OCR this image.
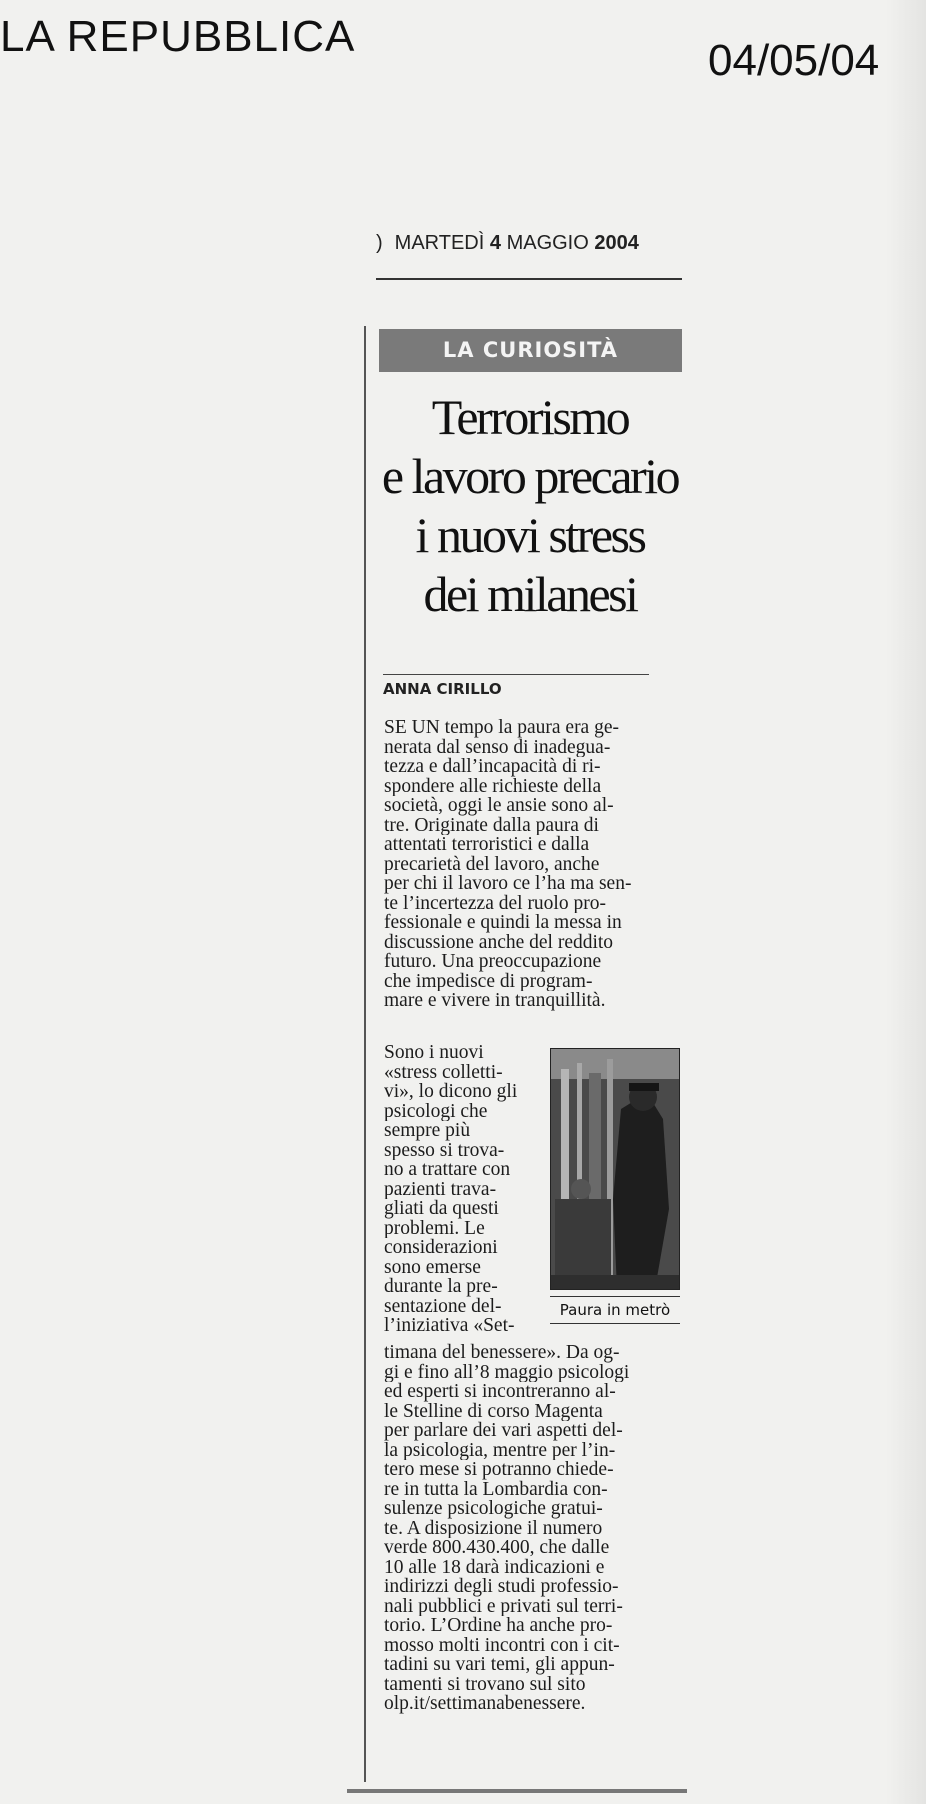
LA REPUBBLICA	04/05/04
) MARTEDÌ 4 MAGGIO 2004
LA CURIOSITÀ
Terrorismo
e lavoro precario
i nuovi stress
dei milanesi
ANNA CIRILLO

SE UN tempo la paura era ge-
nerata dal senso di inadegua-
tezza e dall’incapacità di ri-
spondere alle richieste della
società, oggi le ansie sono al-
tre. Originate dalla paura di
attentati terroristici e dalla
precarietà del lavoro, anche
per chi il lavoro ce l’ha ma sen-
te l’incertezza del ruolo pro-
fessionale e quindi la messa in
discussione anche del reddito
futuro. Una preoccupazione
che impedisce di program-
mare e vivere in tranquillità.

Sono i nuovi
«stress colletti-
vi», lo dicono gli
psicologi che
sempre più
spesso si trova-
no a trattare con
pazienti trava-
gliati da questi
problemi. Le
considerazioni
sono emerse
durante la pre-
sentazione del-
l’iniziativa «Set-

Paura in metrò

timana del benessere». Da og-
gi e fino all’8 maggio psicologi
ed esperti si incontreranno al-
le Stelline di corso Magenta
per parlare dei vari aspetti del-
la psicologia, mentre per l’in-
tero mese si potranno chiede-
re in tutta la Lombardia con-
sulenze psicologiche gratui-
te. A disposizione il numero
verde 800.430.400, che dalle
10 alle 18 darà indicazioni e
indirizzi degli studi professio-
nali pubblici e privati sul terri-
torio. L’Ordine ha anche pro-
mosso molti incontri con i cit-
tadini su vari temi, gli appun-
tamenti si trovano sul sito
olp.it/settimanabenessere.
